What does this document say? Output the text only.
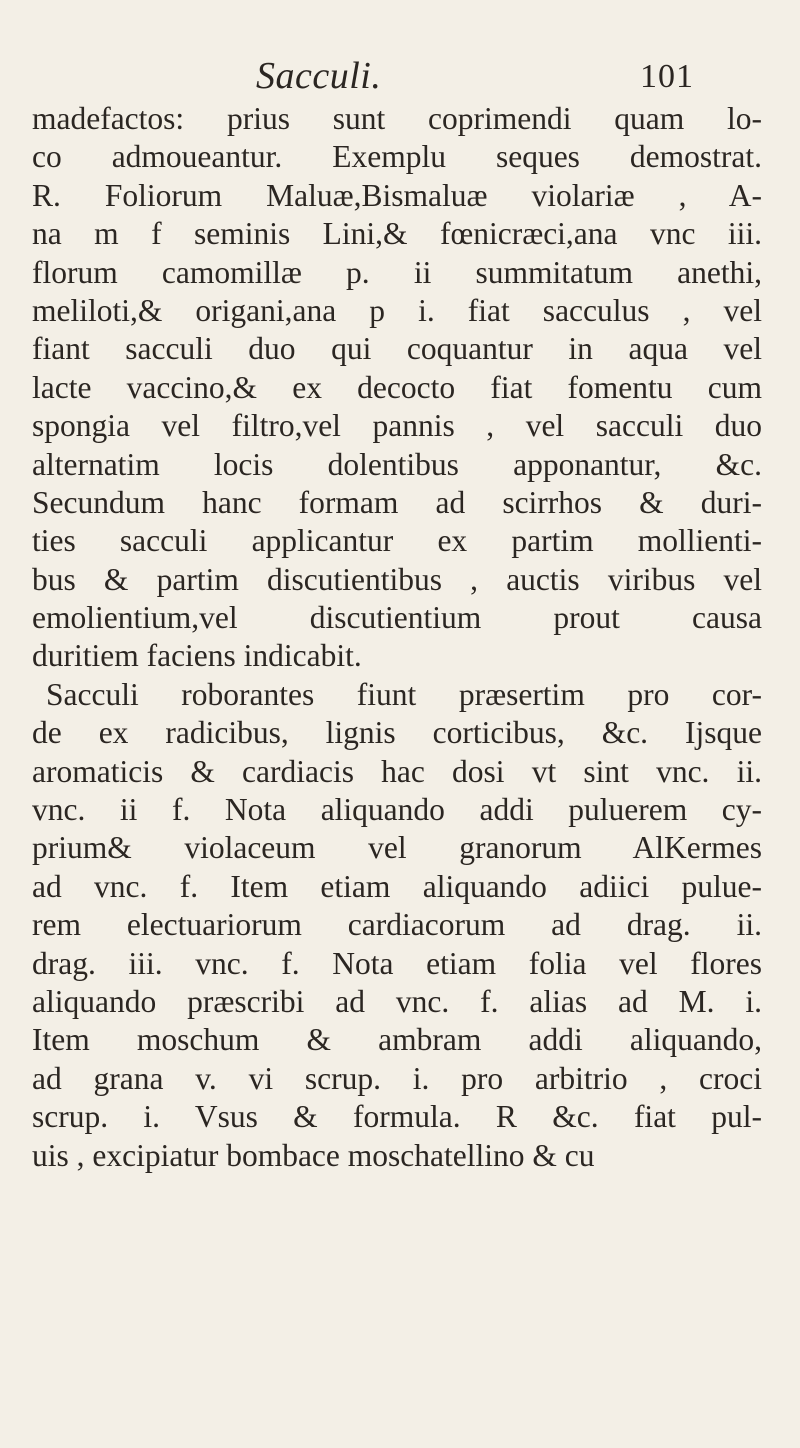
Sacculi.	101
madefactos: prius sunt coprimendi quam lo-
co admoueantur. Exemplu seques demostrat.
R. Foliorum Maluæ,Bismaluæ violariæ , A-
na m f seminis Lini,& fœnicræci,ana vnc iii.
florum camomillæ p. ii summitatum anethi,
meliloti,& origani,ana p i. fiat sacculus , vel
fiant sacculi duo qui coquantur in aqua vel
lacte vaccino,& ex decocto fiat fomentu cum
spongia vel filtro,vel pannis , vel sacculi duo
alternatim locis dolentibus apponantur, &c.
Secundum hanc formam ad scirrhos & duri-
ties sacculi applicantur ex partim mollienti-
bus & partim discutientibus , auctis viribus vel
emolientium,vel discutientium prout causa
duritiem faciens indicabit.
Sacculi roborantes fiunt præsertim pro cor-
de ex radicibus, lignis corticibus, &c. Ijsque
aromaticis & cardiacis hac dosi vt sint vnc. ii.
vnc. ii f. Nota aliquando addi puluerem cy-
prium& violaceum vel granorum AlKermes
ad vnc. f. Item etiam aliquando adiici pulue-
rem electuariorum cardiacorum ad drag. ii.
drag. iii. vnc. f. Nota etiam folia vel flores
aliquando præscribi ad vnc. f. alias ad M. i.
Item moschum & ambram addi aliquando,
ad grana v. vi scrup. i. pro arbitrio , croci
scrup. i. Vsus & formula. R &c. fiat pul-
uis , excipiatur bombace moschatellino & cu
